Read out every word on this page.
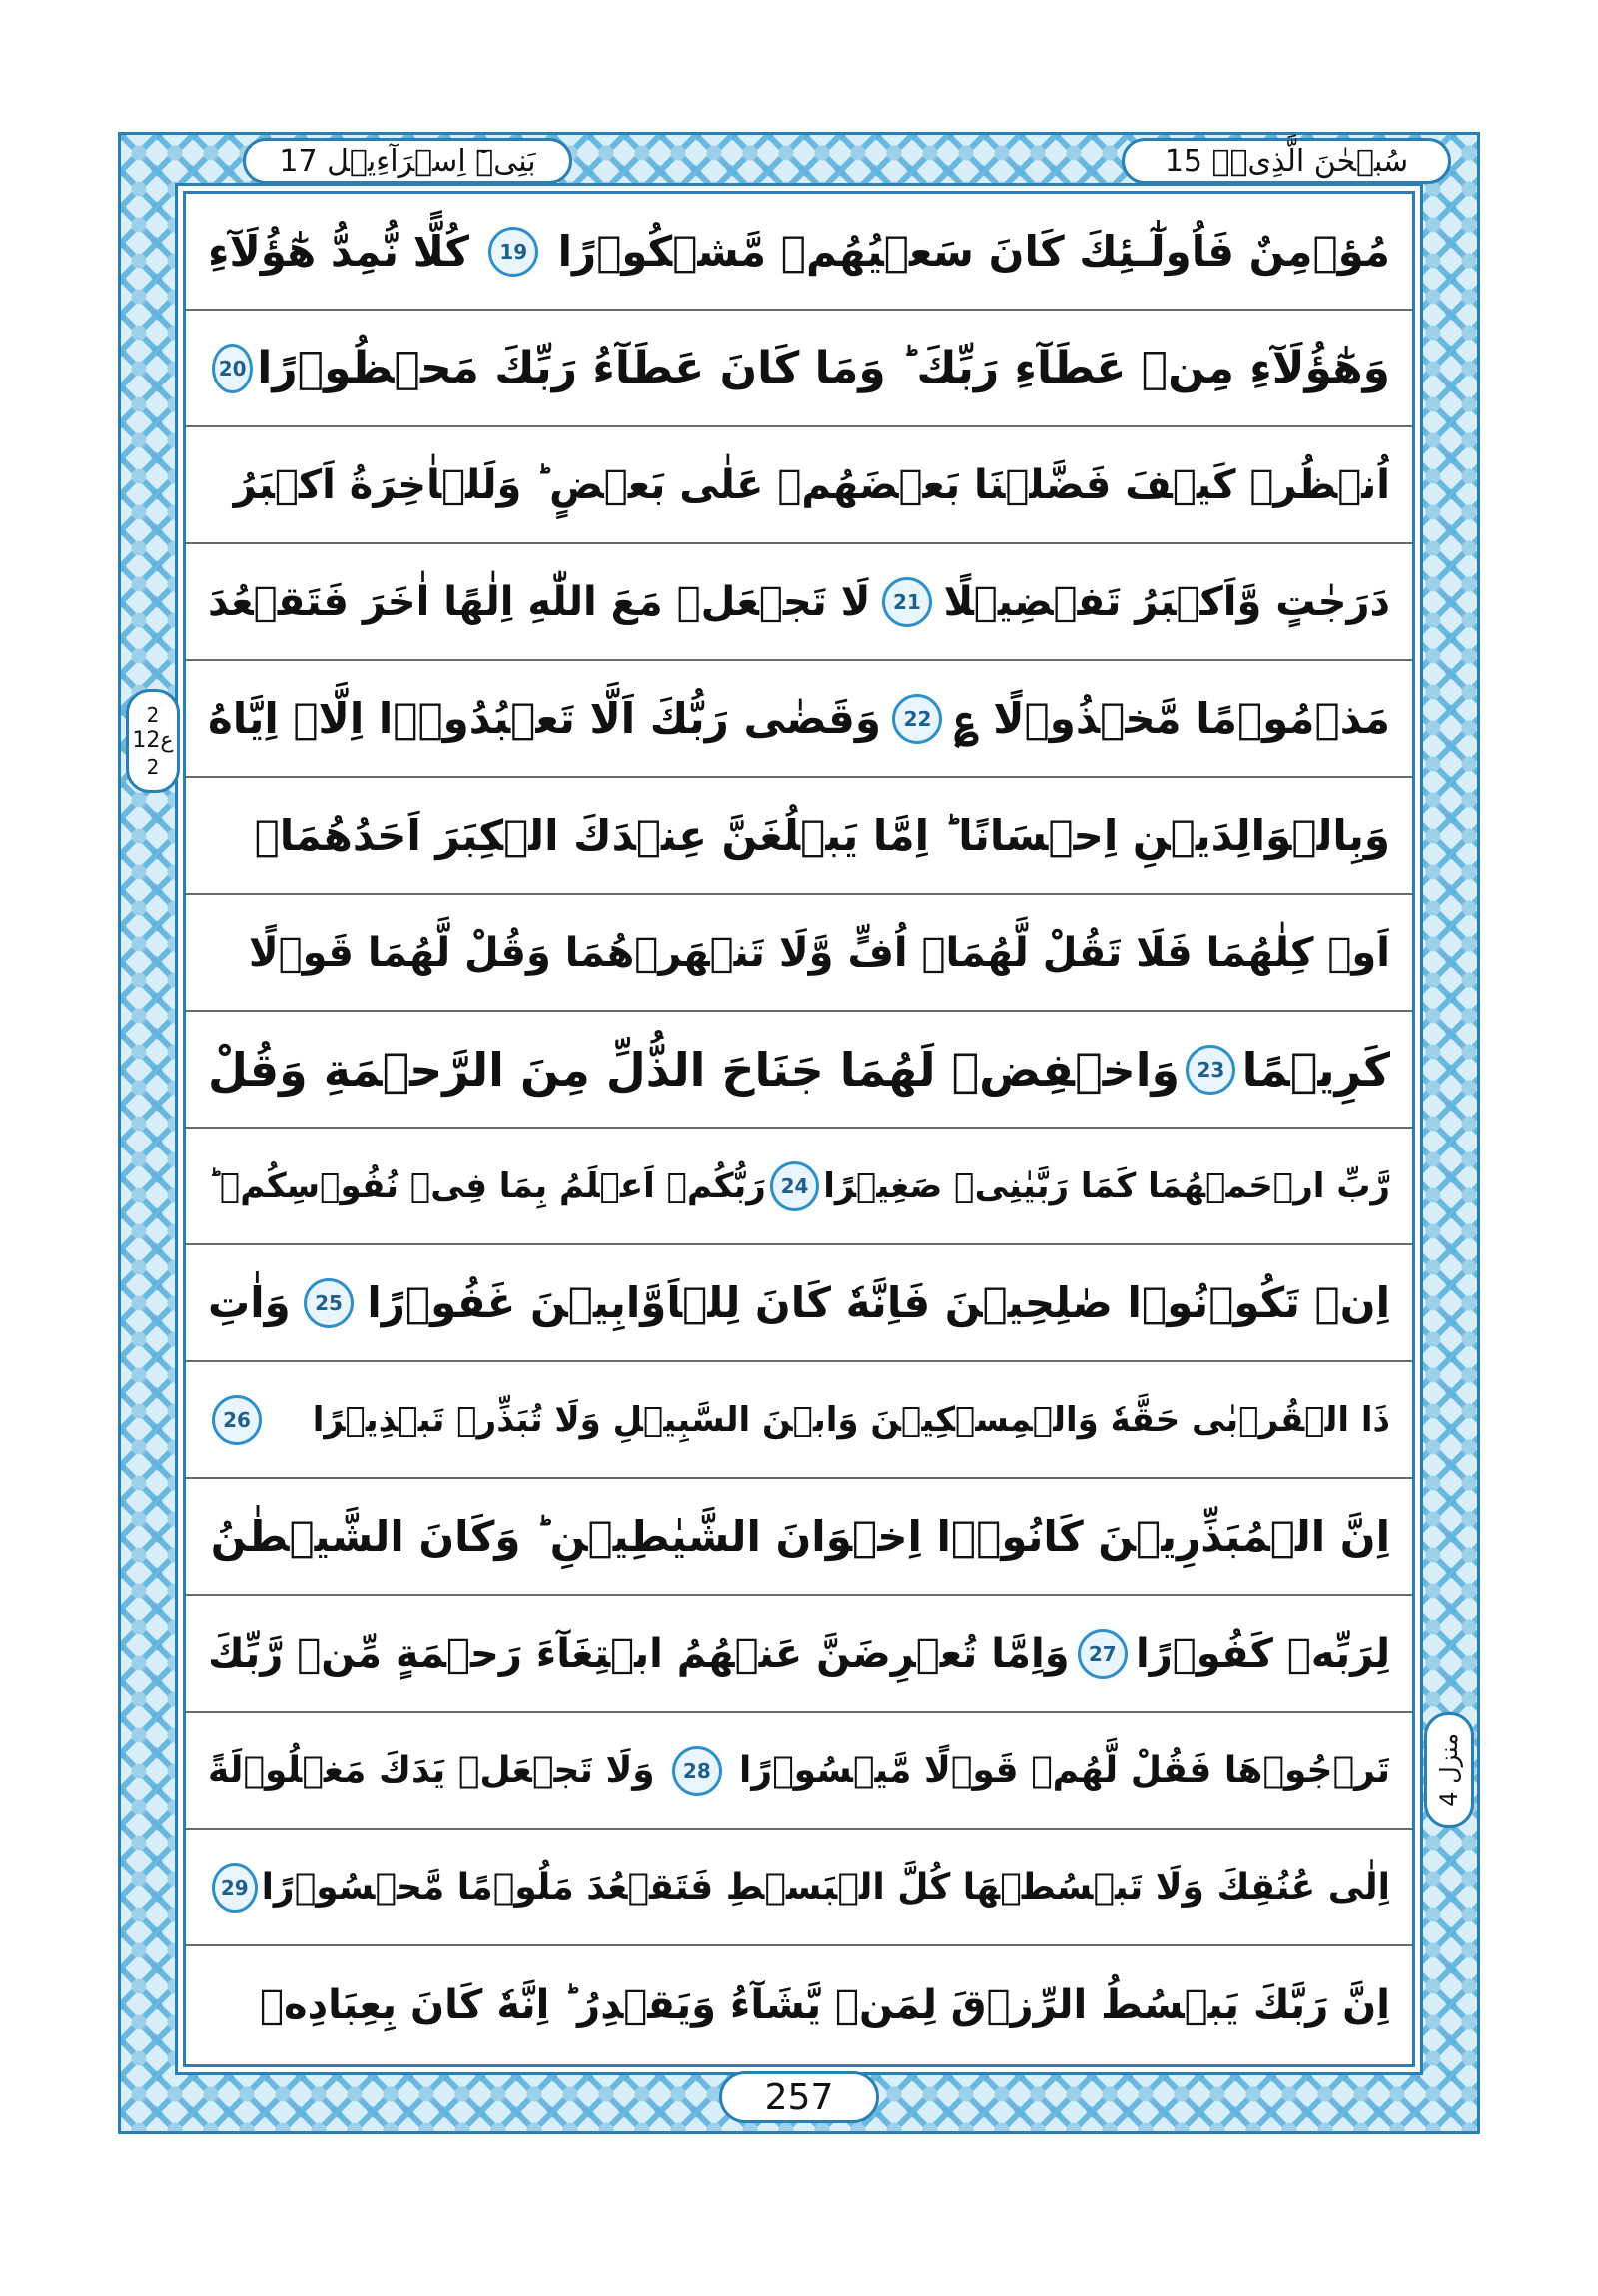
بَنِیۡٓ اِسۡرَآءِیۡل 17	سُبۡحٰنَ الَّذِیۡۤ 15
مُؤۡمِنٌ فَاُولٰٓـئِكَ كَانَ سَعۡيُهُمۡ مَّشۡكُوۡرًا
19
كُلًّا نُّمِدُّ هٰٓؤُلَآءِ
وَهٰٓؤُلَآءِ مِنۡ عَطَآءِ رَبِّكَ ؕ وَمَا كَانَ عَطَآءُ رَبِّكَ مَحۡظُوۡرًا
20
اُنۡظُرۡ كَيۡفَ فَضَّلۡنَا بَعۡضَهُمۡ عَلٰى بَعۡضٍ ؕ وَلَلۡاٰخِرَةُ اَكۡبَرُ
دَرَجٰتٍ وَّاَكۡبَرُ تَفۡضِيۡلًا
21
لَا تَجۡعَلۡ مَعَ اللّٰهِ اِلٰهًا اٰخَرَ فَتَقۡعُدَ
مَذۡمُوۡمًا مَّخۡذُوۡلًا ؏
22
وَقَضٰى رَبُّكَ اَلَّا تَعۡبُدُوۡۤا اِلَّاۤ اِيَّاهُ
وَبِالۡوَالِدَيۡنِ اِحۡسَانًا ؕ اِمَّا يَبۡلُغَنَّ عِنۡدَكَ الۡكِبَرَ اَحَدُهُمَاۤ
اَوۡ كِلٰهُمَا فَلَا تَقُلْ لَّهُمَاۤ اُفٍّ وَّلَا تَنۡهَرۡهُمَا وَقُلْ لَّهُمَا قَوۡلًا
كَرِيۡمًا
23
وَاخۡفِضۡ لَهُمَا جَنَاحَ الذُّلِّ مِنَ الرَّحۡمَةِ وَقُلْ
رَّبِّ ارۡحَمۡهُمَا كَمَا رَبَّيٰنِىۡ صَغِيۡرًا
24
رَبُّكُمۡ اَعۡلَمُ بِمَا فِىۡ نُفُوۡسِكُمۡ ؕ
اِنۡ تَكُوۡنُوۡا صٰلِحِيۡنَ فَاِنَّهٗ كَانَ لِلۡاَوَّابِيۡنَ غَفُوۡرًا
25
وَاٰتِ
ذَا الۡقُرۡبٰى حَقَّهٗ وَالۡمِسۡكِيۡنَ وَابۡنَ السَّبِيۡلِ وَلَا تُبَذِّرۡ تَبۡذِيۡرًا
26
اِنَّ الۡمُبَذِّرِيۡنَ كَانُوۡۤا اِخۡوَانَ الشَّيٰطِيۡنِ ؕ وَكَانَ الشَّيۡطٰنُ
لِرَبِّهٖ كَفُوۡرًا
27
وَاِمَّا تُعۡرِضَنَّ عَنۡهُمُ ابۡتِغَآءَ رَحۡمَةٍ مِّنۡ رَّبِّكَ
تَرۡجُوۡهَا فَقُلْ لَّهُمۡ قَوۡلًا مَّيۡسُوۡرًا
28
وَلَا تَجۡعَلۡ يَدَكَ مَغۡلُوۡلَةً
اِلٰى عُنُقِكَ وَلَا تَبۡسُطۡهَا كُلَّ الۡبَسۡطِ فَتَقۡعُدَ مَلُوۡمًا مَّحۡسُوۡرًا
29
اِنَّ رَبَّكَ يَبۡسُطُ الرِّزۡقَ لِمَنۡ يَّشَآءُ وَيَقۡدِرُ ؕ اِنَّهٗ كَانَ بِعِبَادِهٖ
2
ع12
2
منزل 4
257
